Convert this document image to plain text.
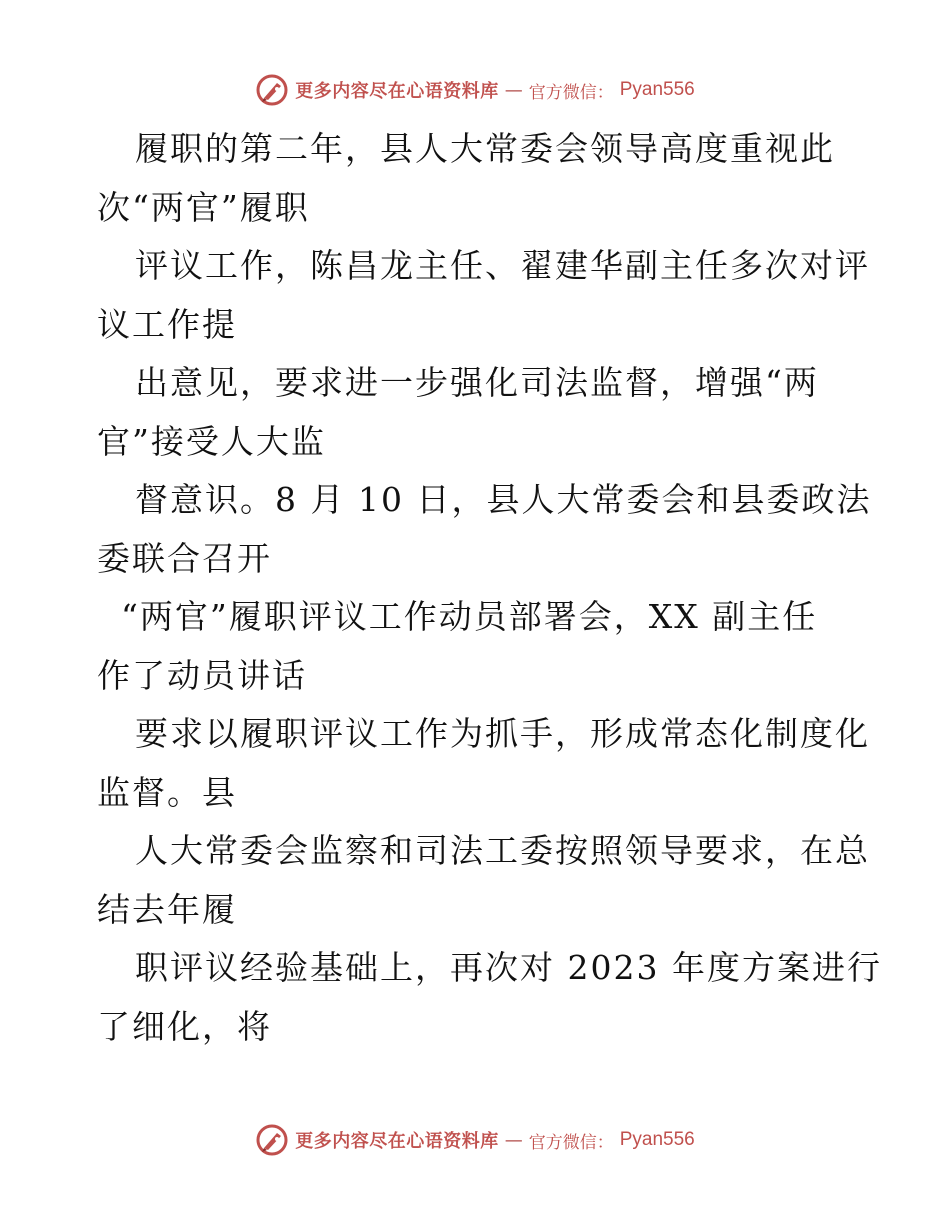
更多内容尽在心语资料库 — 官方微信： Pyan556
履职的第二年，县人大常委会领导高度重视此
次“两官”履职
评议工作，陈昌龙主任、翟建华副主任多次对评
议工作提
出意见，要求进一步强化司法监督，增强“两
官”接受人大监
督意识。8 月 10 日，县人大常委会和县委政法
委联合召开
“两官”履职评议工作动员部署会，XX 副主任
作了动员讲话
要求以履职评议工作为抓手，形成常态化制度化
监督。县
人大常委会监察和司法工委按照领导要求，在总
结去年履
职评议经验基础上，再次对 2023 年度方案进行
了细化，将
更多内容尽在心语资料库 — 官方微信： Pyan556
